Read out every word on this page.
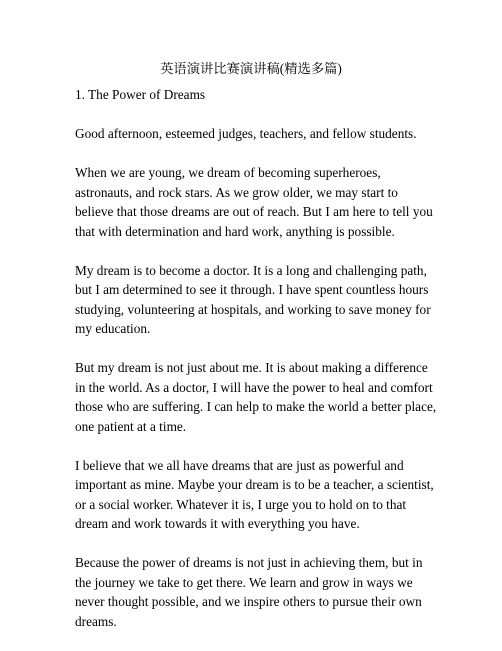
英语演讲比赛演讲稿(精选多篇)
1. The Power of Dreams

Good afternoon, esteemed judges, teachers, and fellow students.

When we are young, we dream of becoming superheroes, astronauts, and rock stars. As we grow older, we may start to believe that those dreams are out of reach. But I am here to tell you that with determination and hard work, anything is possible.

My dream is to become a doctor. It is a long and challenging path, but I am determined to see it through. I have spent countless hours studying, volunteering at hospitals, and working to save money for my education.

But my dream is not just about me. It is about making a difference in the world. As a doctor, I will have the power to heal and comfort those who are suffering. I can help to make the world a better place, one patient at a time.

I believe that we all have dreams that are just as powerful and important as mine. Maybe your dream is to be a teacher, a scientist, or a social worker. Whatever it is, I urge you to hold on to that dream and work towards it with everything you have.

Because the power of dreams is not just in achieving them, but in the journey we take to get there. We learn and grow in ways we never thought possible, and we inspire others to pursue their own dreams.
